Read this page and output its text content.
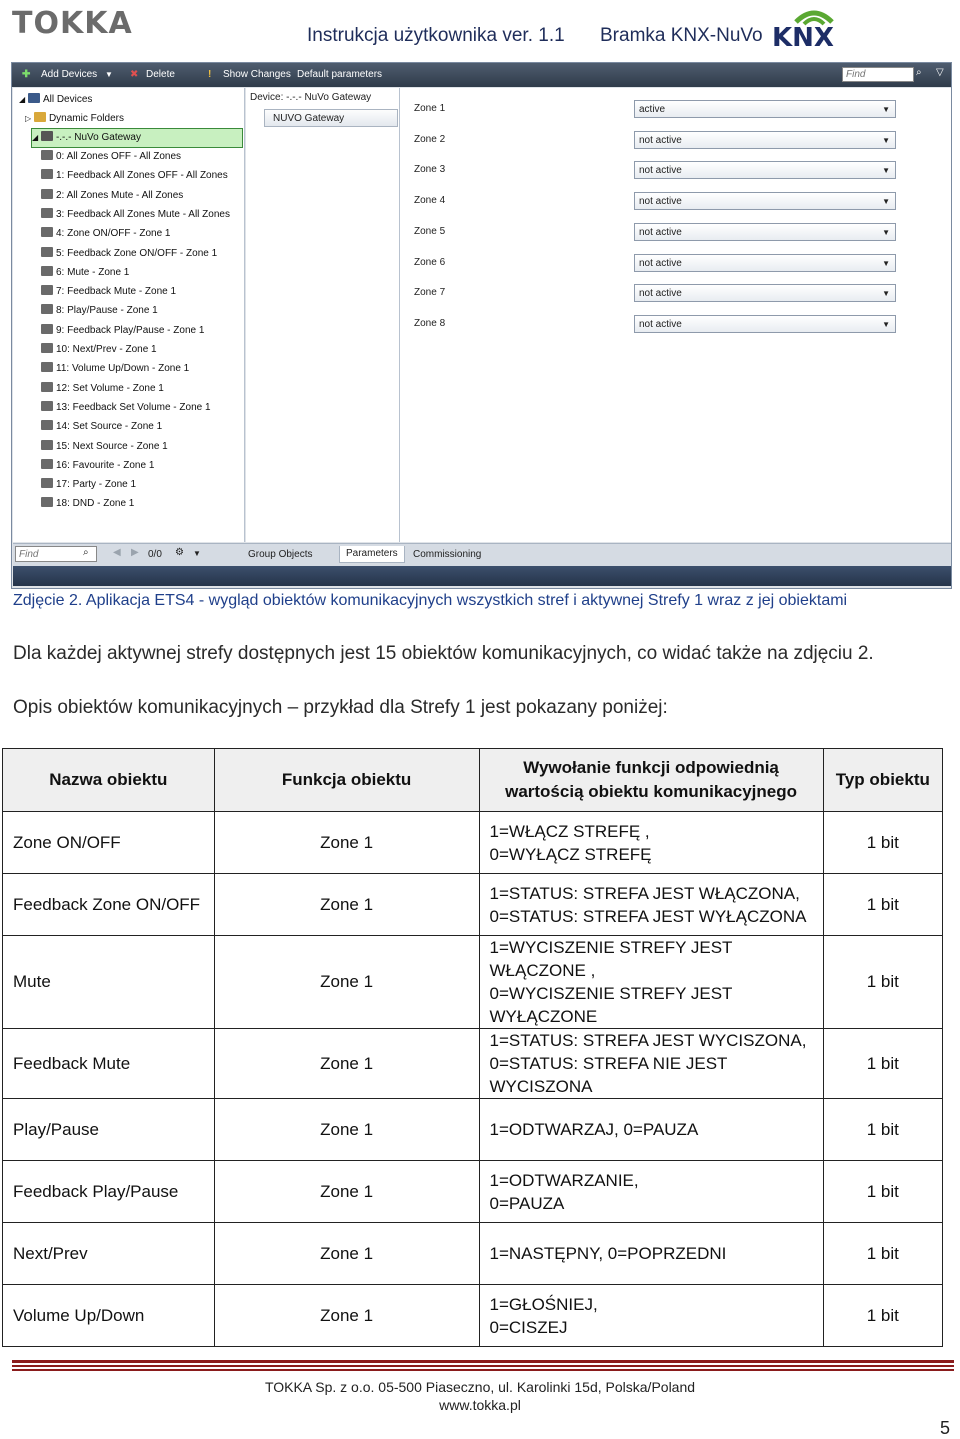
TOKKA	Instrukcja użytkownika ver. 1.1 Bramka KNX-NuVo KNX
✚ Add Devices ▼ ✖ Delete	! Show Changes Default parameters
Find	⌕ ▽
◢ All Devices
▷ Dynamic Folders
◢ -.-.- NuVo Gateway
0: All Zones OFF - All Zones
1: Feedback All Zones OFF - All Zones
2: All Zones Mute - All Zones
3: Feedback All Zones Mute - All Zones
4: Zone ON/OFF - Zone 1
5: Feedback Zone ON/OFF - Zone 1
6: Mute - Zone 1
7: Feedback Mute - Zone 1
8: Play/Pause - Zone 1
9: Feedback Play/Pause - Zone 1
10: Next/Prev - Zone 1
11: Volume Up/Down - Zone 1
12: Set Volume - Zone 1
13: Feedback Set Volume - Zone 1
14: Set Source - Zone 1
15: Next Source - Zone 1
16: Favourite - Zone 1
17: Party - Zone 1
18: DND - Zone 1
Device: -.-.- NuVo Gateway
NUVO Gateway
Zone 1	active	▼
Zone 2	not active	▼
Zone 3	not active	▼
Zone 4	not active	▼
Zone 5	not active	▼
Zone 6	not active	▼
Zone 7	not active	▼
Zone 8	not active	▼
Find
⌕ ◀ ▶ 0/0 ⚙ ▼	Group Objects	Parameters	Commissioning
Zdjęcie 2. Aplikacja ETS4 - wygląd obiektów komunikacyjnych wszystkich stref i aktywnej Strefy 1 wraz z jej obiektami
Dla każdej aktywnej strefy dostępnych jest 15 obiektów komunikacyjnych, co widać także na zdjęciu 2.
Opis obiektów komunikacyjnych – przykład dla Strefy 1 jest pokazany poniżej:
Nazwa obiektu	Funkcja obiektu	Wywołanie funkcji odpowiednią wartością obiektu komunikacyjnego	Typ obiektu
Zone ON/OFF	Zone 1	1=WŁĄCZ STREFĘ ,
0=WYŁĄCZ STREFĘ	1 bit
Feedback Zone ON/OFF	Zone 1	1=STATUS: STREFA JEST WŁĄCZONA,
0=STATUS: STREFA JEST WYŁĄCZONA	1 bit
Mute	Zone 1	1=WYCISZENIE STREFY JEST WŁĄCZONE ,
0=WYCISZENIE STREFY JEST WYŁĄCZONE	1 bit
Feedback Mute	Zone 1	1=STATUS: STREFA JEST WYCISZONA,
0=STATUS: STREFA NIE JEST WYCISZONA	1 bit
Play/Pause	Zone 1	1=ODTWARZAJ, 0=PAUZA	1 bit
Feedback Play/Pause	Zone 1	1=ODTWARZANIE,
0=PAUZA	1 bit
Next/Prev	Zone 1	1=NASTĘPNY, 0=POPRZEDNI	1 bit
Volume Up/Down	Zone 1	1=GŁOŚNIEJ,
0=CISZEJ	1 bit
TOKKA Sp. z o.o. 05-500 Piaseczno, ul. Karolinki 15d, Polska/Poland
www.tokka.pl
5
